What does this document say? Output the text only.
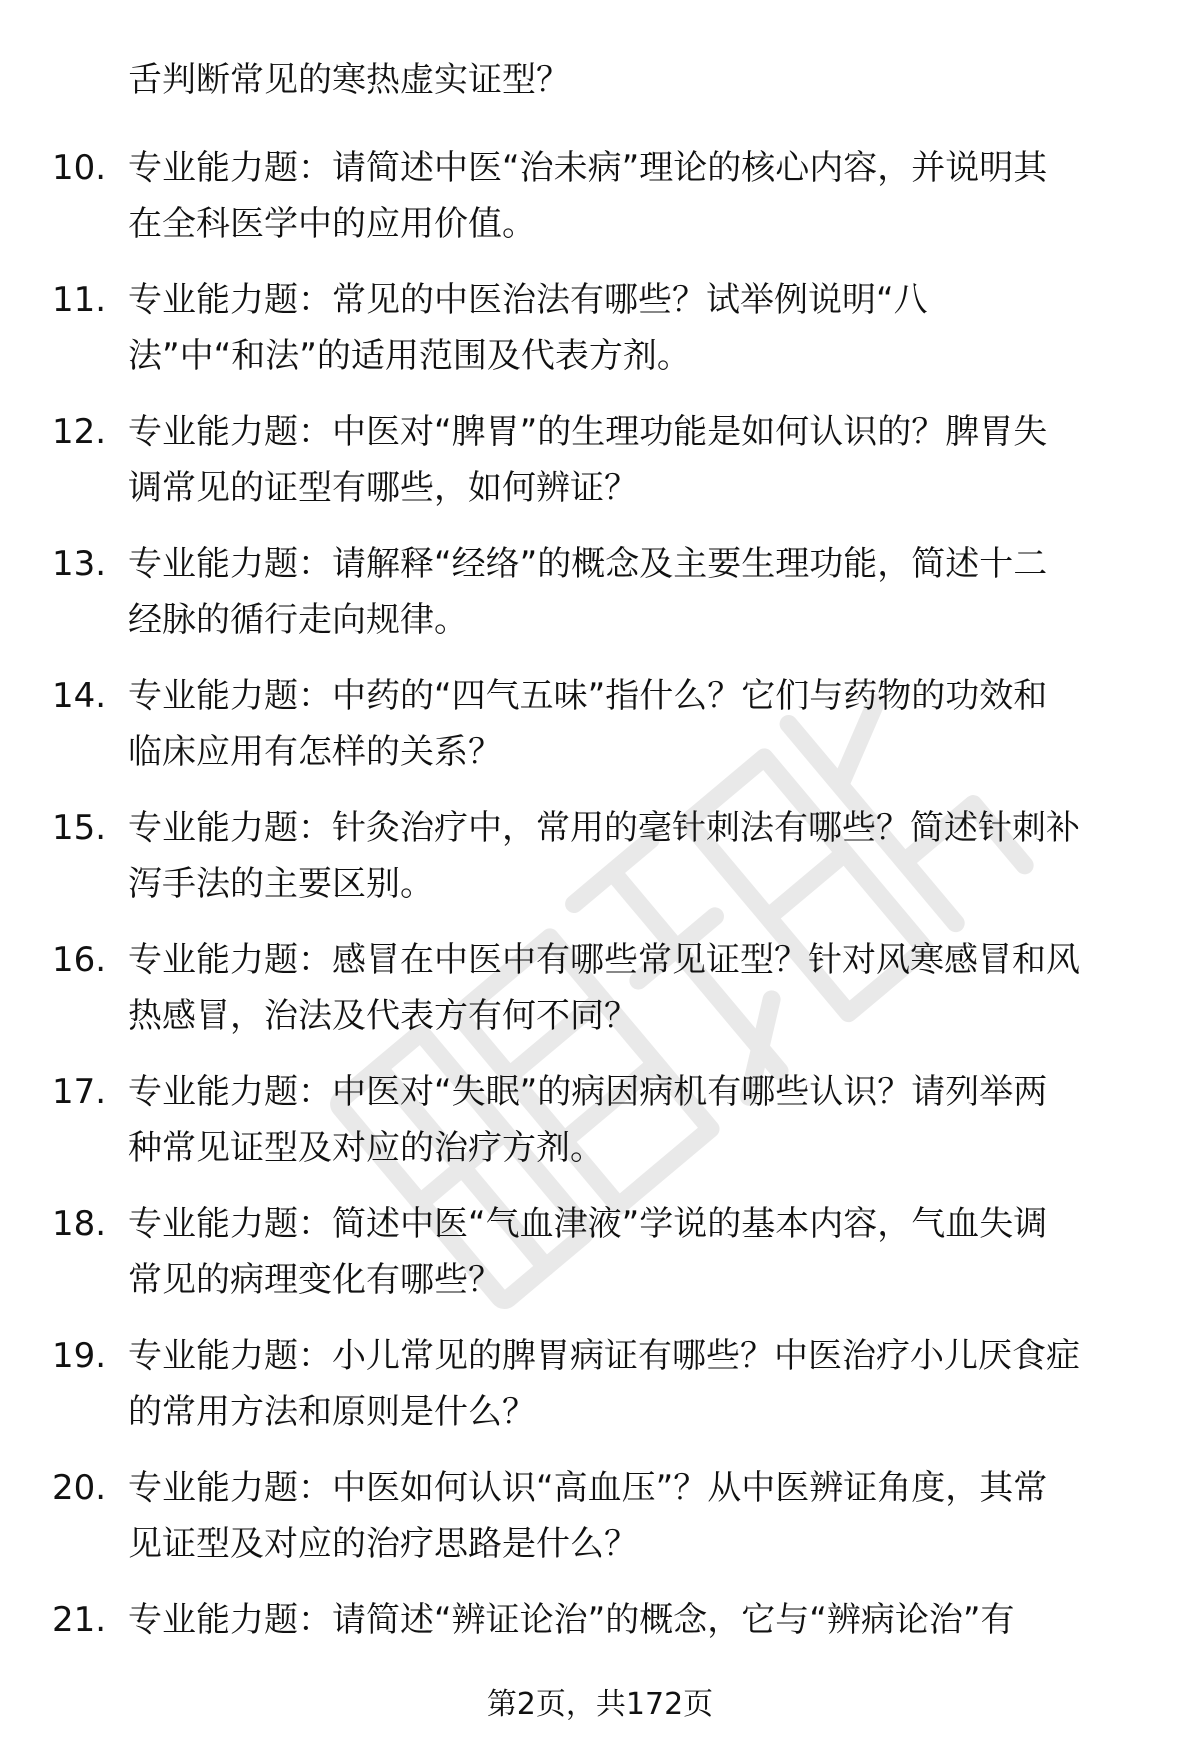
舌判断常见的寒热虚实证型？
10. 专业能力题：请简述中医“治未病”理论的核心内容，并说明其
在全科医学中的应用价值。
11. 专业能力题：常见的中医治法有哪些？试举例说明“八
法”中“和法”的适用范围及代表方剂。
12. 专业能力题：中医对“脾胃”的生理功能是如何认识的？脾胃失
调常见的证型有哪些，如何辨证？
13. 专业能力题：请解释“经络”的概念及主要生理功能，简述十二
经脉的循行走向规律。
14. 专业能力题：中药的“四气五味”指什么？它们与药物的功效和
临床应用有怎样的关系？
15. 专业能力题：针灸治疗中，常用的毫针刺法有哪些？简述针刺补
泻手法的主要区别。
16. 专业能力题：感冒在中医中有哪些常见证型？针对风寒感冒和风
热感冒，治法及代表方有何不同？
17. 专业能力题：中医对“失眠”的病因病机有哪些认识？请列举两
种常见证型及对应的治疗方剂。
18. 专业能力题：简述中医“气血津液”学说的基本内容，气血失调
常见的病理变化有哪些？
19. 专业能力题：小儿常见的脾胃病证有哪些？中医治疗小儿厌食症
的常用方法和原则是什么？
20. 专业能力题：中医如何认识“高血压”？从中医辨证角度，其常
见证型及对应的治疗思路是什么？
21. 专业能力题：请简述“辨证论治”的概念，它与“辨病论治”有
第2页，共172页
